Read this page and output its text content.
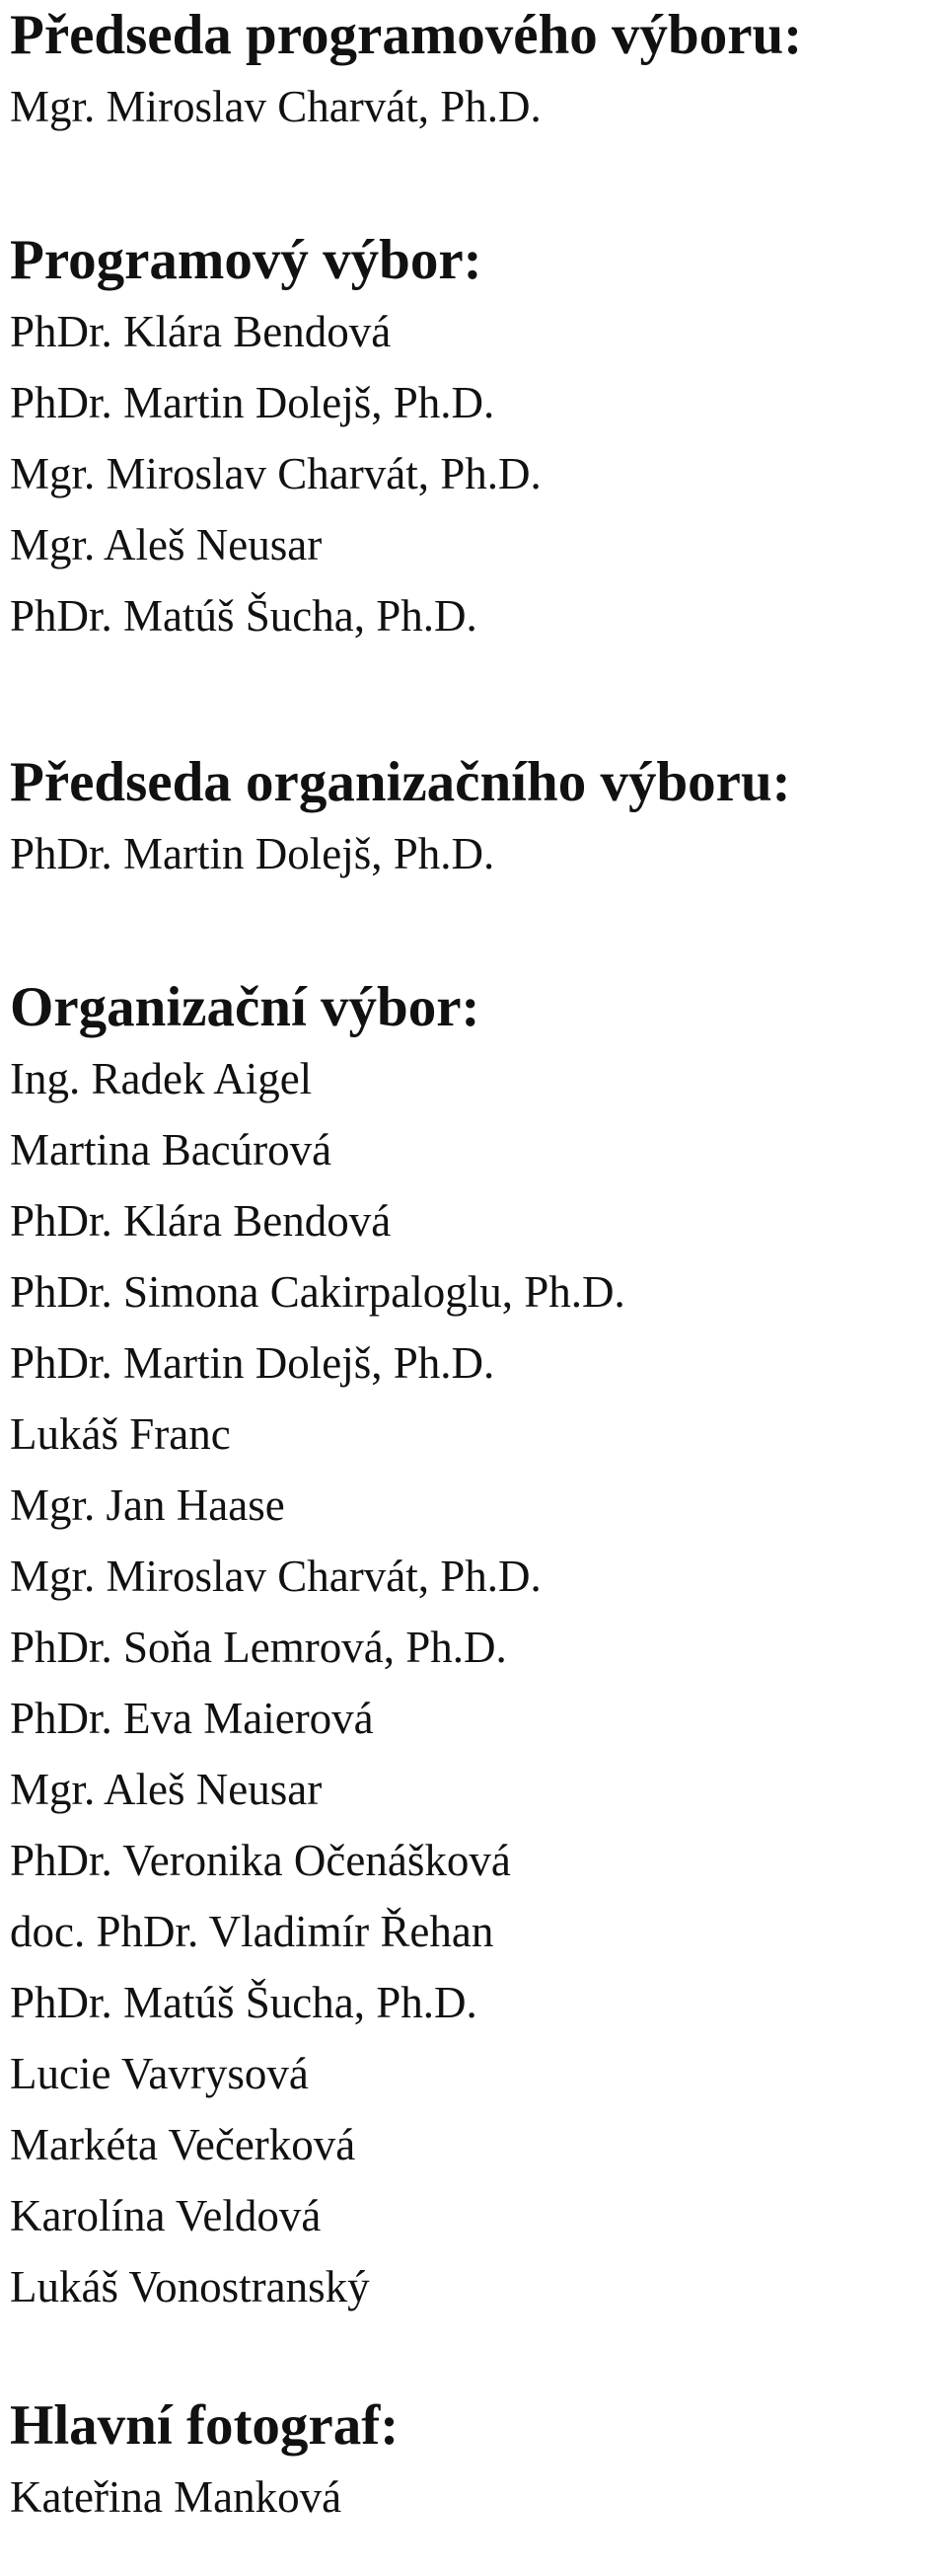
Předseda programového výboru:
Mgr. Miroslav Charvát, Ph.D.
Programový výbor:
PhDr. Klára Bendová
PhDr. Martin Dolejš, Ph.D.
Mgr. Miroslav Charvát, Ph.D.
Mgr. Aleš Neusar
PhDr. Matúš Šucha, Ph.D.
Předseda organizačního výboru:
PhDr. Martin Dolejš, Ph.D.
Organizační výbor:
Ing. Radek Aigel
Martina Bacúrová
PhDr. Klára Bendová
PhDr. Simona Cakirpaloglu, Ph.D.
PhDr. Martin Dolejš, Ph.D.
Lukáš Franc
Mgr. Jan Haase
Mgr. Miroslav Charvát, Ph.D.
PhDr. Soňa Lemrová, Ph.D.
PhDr. Eva Maierová
Mgr. Aleš Neusar
PhDr. Veronika Očenášková
doc. PhDr. Vladimír Řehan
PhDr. Matúš Šucha, Ph.D.
Lucie Vavrysová
Markéta Večerková
Karolína Veldová
Lukáš Vonostranský
Hlavní fotograf:
Kateřina Manková
